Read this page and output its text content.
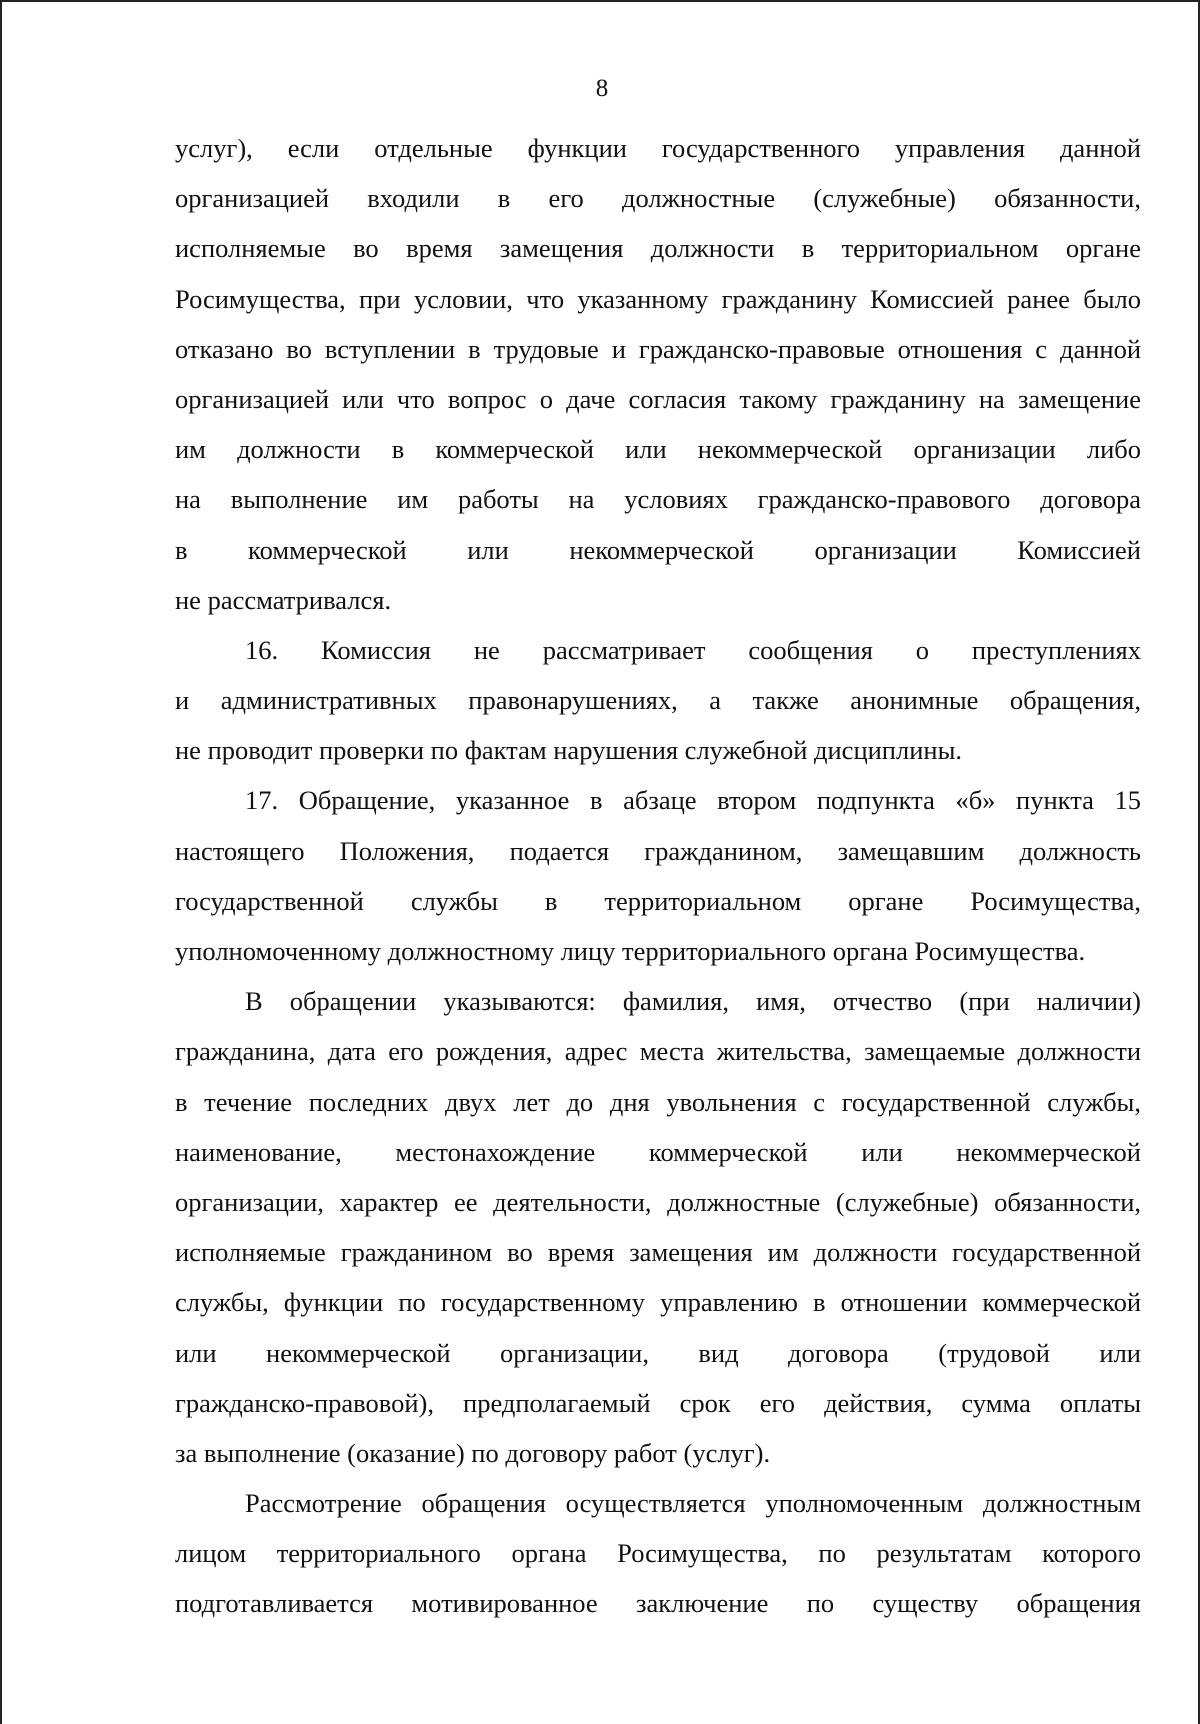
8
услуг), если отдельные функции государственного управления данной
организацией входили в его должностные (служебные) обязанности,
исполняемые во время замещения должности в территориальном органе
Росимущества, при условии, что указанному гражданину Комиссией ранее было
отказано во вступлении в трудовые и гражданско-правовые отношения с данной
организацией или что вопрос о даче согласия такому гражданину на замещение
им должности в коммерческой или некоммерческой организации либо
на выполнение им работы на условиях гражданско-правового договора
в коммерческой или некоммерческой организации Комиссией
не рассматривался.
16. Комиссия не рассматривает сообщения о преступлениях
и административных правонарушениях, а также анонимные обращения,
не проводит проверки по фактам нарушения служебной дисциплины.
17. Обращение, указанное в абзаце втором подпункта «б» пункта 15
настоящего Положения, подается гражданином, замещавшим должность
государственной службы в территориальном органе Росимущества,
уполномоченному должностному лицу территориального органа Росимущества.
В обращении указываются: фамилия, имя, отчество (при наличии)
гражданина, дата его рождения, адрес места жительства, замещаемые должности
в течение последних двух лет до дня увольнения с государственной службы,
наименование, местонахождение коммерческой или некоммерческой
организации, характер ее деятельности, должностные (служебные) обязанности,
исполняемые гражданином во время замещения им должности государственной
службы, функции по государственному управлению в отношении коммерческой
или некоммерческой организации, вид договора (трудовой или
гражданско-правовой), предполагаемый срок его действия, сумма оплаты
за выполнение (оказание) по договору работ (услуг).
Рассмотрение обращения осуществляется уполномоченным должностным
лицом территориального органа Росимущества, по результатам которого
подготавливается мотивированное заключение по существу обращения
